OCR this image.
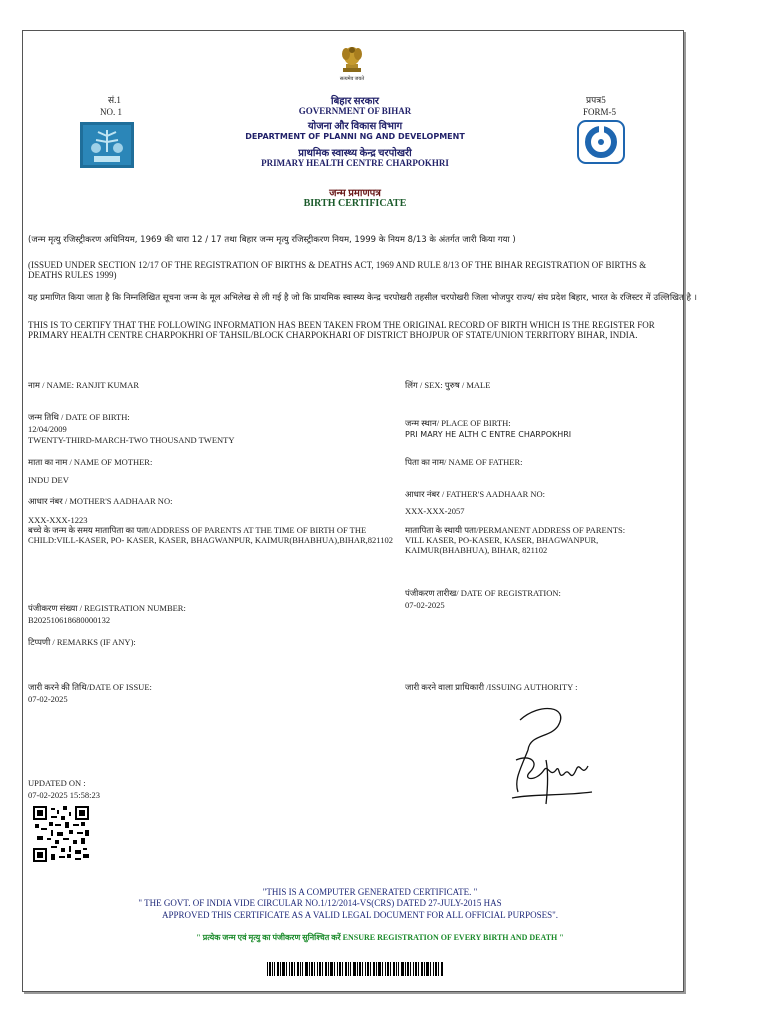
सत्यमेव जयते
सं.1
NO. 1
प्रपत्र5
FORM-5
बिहार सरकार
GOVERNMENT OF BIHAR
योजना और विकास विभाग
DEPARTMENT OF PLANNI NG AND DEVELOPMENT
प्राथमिक स्वास्थ्य केन्द्र चरपोखरी
PRIMARY HEALTH CENTRE CHARPOKHRI
जन्म प्रमाणपत्र
BIRTH CERTIFICATE
(जन्म मृत्यु रजिस्ट्रीकरण अधिनियम, 1969 की धारा 12 / 17 तथा बिहार जन्म मृत्यु रजिस्ट्रीकरण नियम, 1999 के नियम 8/13 के अंतर्गत जारी किया गया )
(ISSUED UNDER SECTION 12/17 OF THE REGISTRATION OF BIRTHS & DEATHS ACT, 1969 AND RULE 8/13 OF THE BIHAR REGISTRATION OF BIRTHS & DEATHS RULES 1999)
यह प्रमाणित किया जाता है कि निम्नलिखित सूचना जन्म के मूल अभिलेख से ली गई है जो कि प्राथमिक स्वास्थ्य केन्द्र चरपोखरी तहसील चरपोखरी जिला भोजपुर राज्य/ संघ प्रदेश बिहार, भारत के रजिस्टर में उल्लिखित है ।
THIS IS TO CERTIFY THAT THE FOLLOWING INFORMATION HAS BEEN TAKEN FROM THE ORIGINAL RECORD OF BIRTH WHICH IS THE REGISTER FOR PRIMARY HEALTH CENTRE CHARPOKHRI OF TAHSIL/BLOCK CHARPOKHARI OF DISTRICT BHOJPUR OF STATE/UNION TERRITORY BIHAR, INDIA.
नाम / NAME: RANJIT KUMAR
जन्म तिथि / DATE OF BIRTH:
12/04/2009
TWENTY-THIRD-MARCH-TWO THOUSAND TWENTY
माता का नाम / NAME OF MOTHER:
INDU DEV
आधार नंबर / MOTHER'S AADHAAR NO:
XXX-XXX-1223
बच्चे के जन्म के समय माता‌पिता का पता/ADDRESS OF PARENTS AT THE TIME OF BIRTH OF THE CHILD:VILL-KASER, PO- KASER, KASER, BHAGWANPUR, KAIMUR(BHABHUA),BIHAR,821102
पंजीकरण संख्या / REGISTRATION NUMBER:
B202510618680000132
टिप्पणी / REMARKS (IF ANY):
जारी करने की तिथि/DATE OF ISSUE:
07-02-2025
UPDATED ON :
07-02-2025 15:58:23
लिंग / SEX: पुरुष / MALE
जन्म स्थान/ PLACE OF BIRTH:
PRI MARY HE ALTH C ENTRE CHARPOKHRI
पिता का नाम/ NAME OF FATHER:
आधार नंबर / FATHER'S AADHAAR NO:
XXX-XXX-2057
मातापिता के स्थायी पता/PERMANENT ADDRESS OF PARENTS: VILL KASER, PO-KASER, KASER, BHAGWANPUR, KAIMUR(BHABHUA), BIHAR, 821102
पंजीकरण तारीख/ DATE OF REGISTRATION:
07-02-2025
जारी करने वाला प्राधिकारी /ISSUING AUTHORITY :
"THIS IS A COMPUTER GENERATED CERTIFICATE. "
" THE GOVT. OF INDIA VIDE CIRCULAR NO.1/12/2014-VS(CRS) DATED 27-JULY-2015 HAS
APPROVED THIS CERTIFICATE AS A VALID LEGAL DOCUMENT FOR ALL OFFICIAL PURPOSES".
" प्रत्येक जन्म एवं मृत्यु का पंजीकरण सुनिश्चित करें ENSURE REGISTRATION OF EVERY BIRTH AND DEATH "
